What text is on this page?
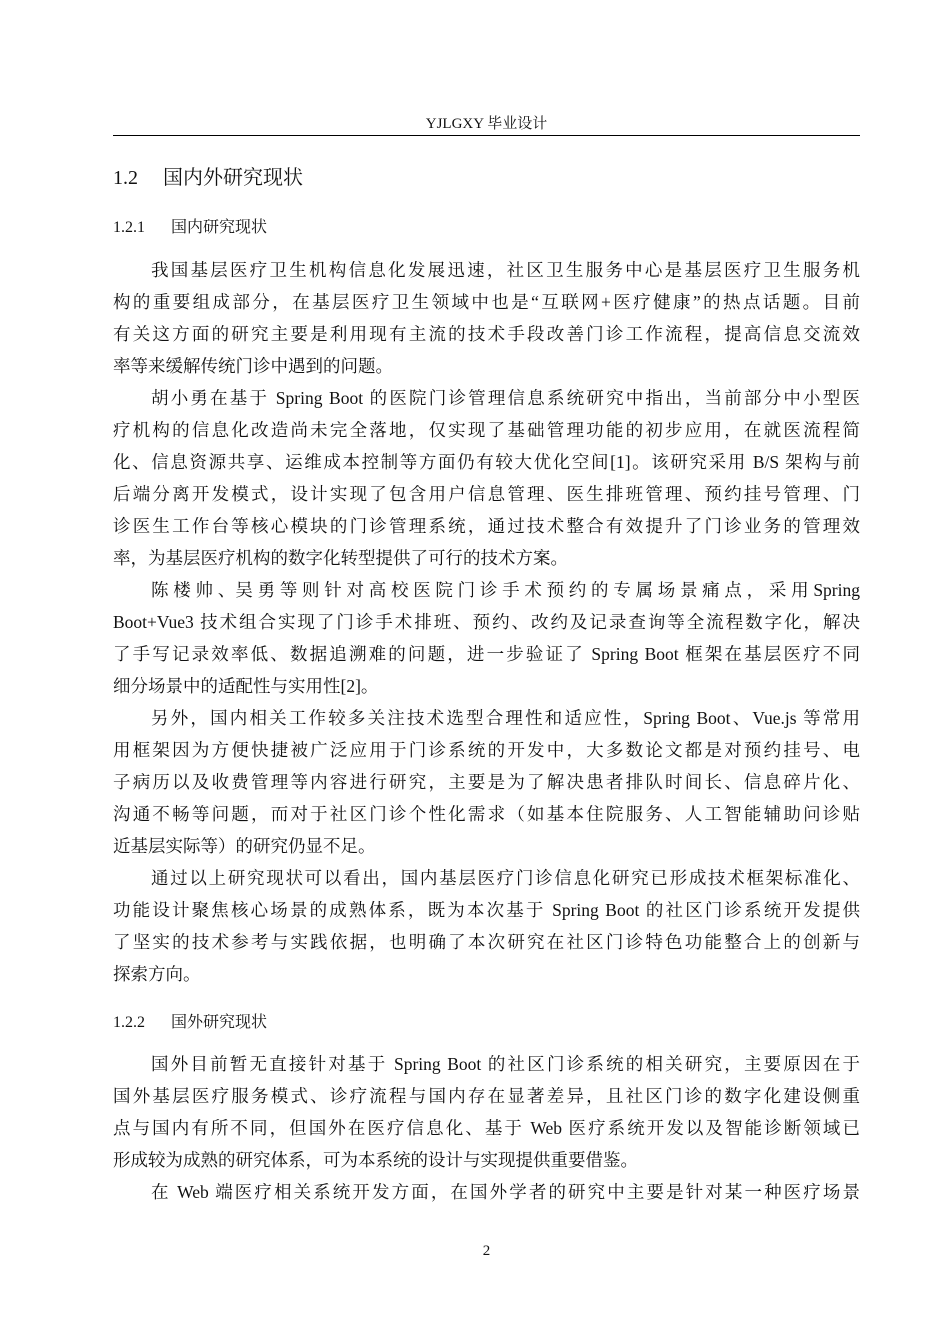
YJLGXY 毕业设计
1.2 国内外研究现状
1.2.1 国内研究现状
我国基层医疗卫生机构信息化发展迅速，社区卫生服务中心是基层医疗卫生服务机
构的重要组成部分，在基层医疗卫生领域中也是“互联网+医疗健康”的热点话题。目前
有关这方面的研究主要是利用现有主流的技术手段改善门诊工作流程，提高信息交流效
率等来缓解传统门诊中遇到的问题。
胡小勇在基于 Spring Boot 的医院门诊管理信息系统研究中指出，当前部分中小型医
疗机构的信息化改造尚未完全落地，仅实现了基础管理功能的初步应用，在就医流程简
化、信息资源共享、运维成本控制等方面仍有较大优化空间[1]。该研究采用 B/S 架构与前
后端分离开发模式，设计实现了包含用户信息管理、医生排班管理、预约挂号管理、门
诊医生工作台等核心模块的门诊管理系统，通过技术整合有效提升了门诊业务的管理效
率，为基层医疗机构的数字化转型提供了可行的技术方案。
陈 楼 帅 、吴 勇 等 则 针 对 高 校 医 院 门 诊 手 术 预 约 的 专 属 场 景 痛 点 ， 采 用 Spring
Boot+Vue3 技术组合实现了门诊手术排班、预约、改约及记录查询等全流程数字化，解决
了手写记录效率低、数据追溯难的问题，进一步验证了 Spring Boot 框架在基层医疗不同
细分场景中的适配性与实用性[2]。
另外，国内相关工作较多关注技术选型合理性和适应性，Spring Boot、Vue.js 等常用
用框架因为方便快捷被广泛应用于门诊系统的开发中，大多数论文都是对预约挂号、电
子病历以及收费管理等内容进行研究，主要是为了解决患者排队时间长、信息碎片化、
沟通不畅等问题，而对于社区门诊个性化需求（如基本住院服务、人工智能辅助问诊贴
近基层实际等）的研究仍显不足。
通过以上研究现状可以看出，国内基层医疗门诊信息化研究已形成技术框架标准化、
功能设计聚焦核心场景的成熟体系，既为本次基于 Spring Boot 的社区门诊系统开发提供
了坚实的技术参考与实践依据，也明确了本次研究在社区门诊特色功能整合上的创新与
探索方向。
1.2.2 国外研究现状
国外目前暂无直接针对基于 Spring Boot 的社区门诊系统的相关研究，主要原因在于
国外基层医疗服务模式、诊疗流程与国内存在显著差异，且社区门诊的数字化建设侧重
点与国内有所不同，但国外在医疗信息化、基于 Web 医疗系统开发以及智能诊断领域已
形成较为成熟的研究体系，可为本系统的设计与实现提供重要借鉴。
在 Web 端医疗相关系统开发方面，在国外学者的研究中主要是针对某一种医疗场景
2
